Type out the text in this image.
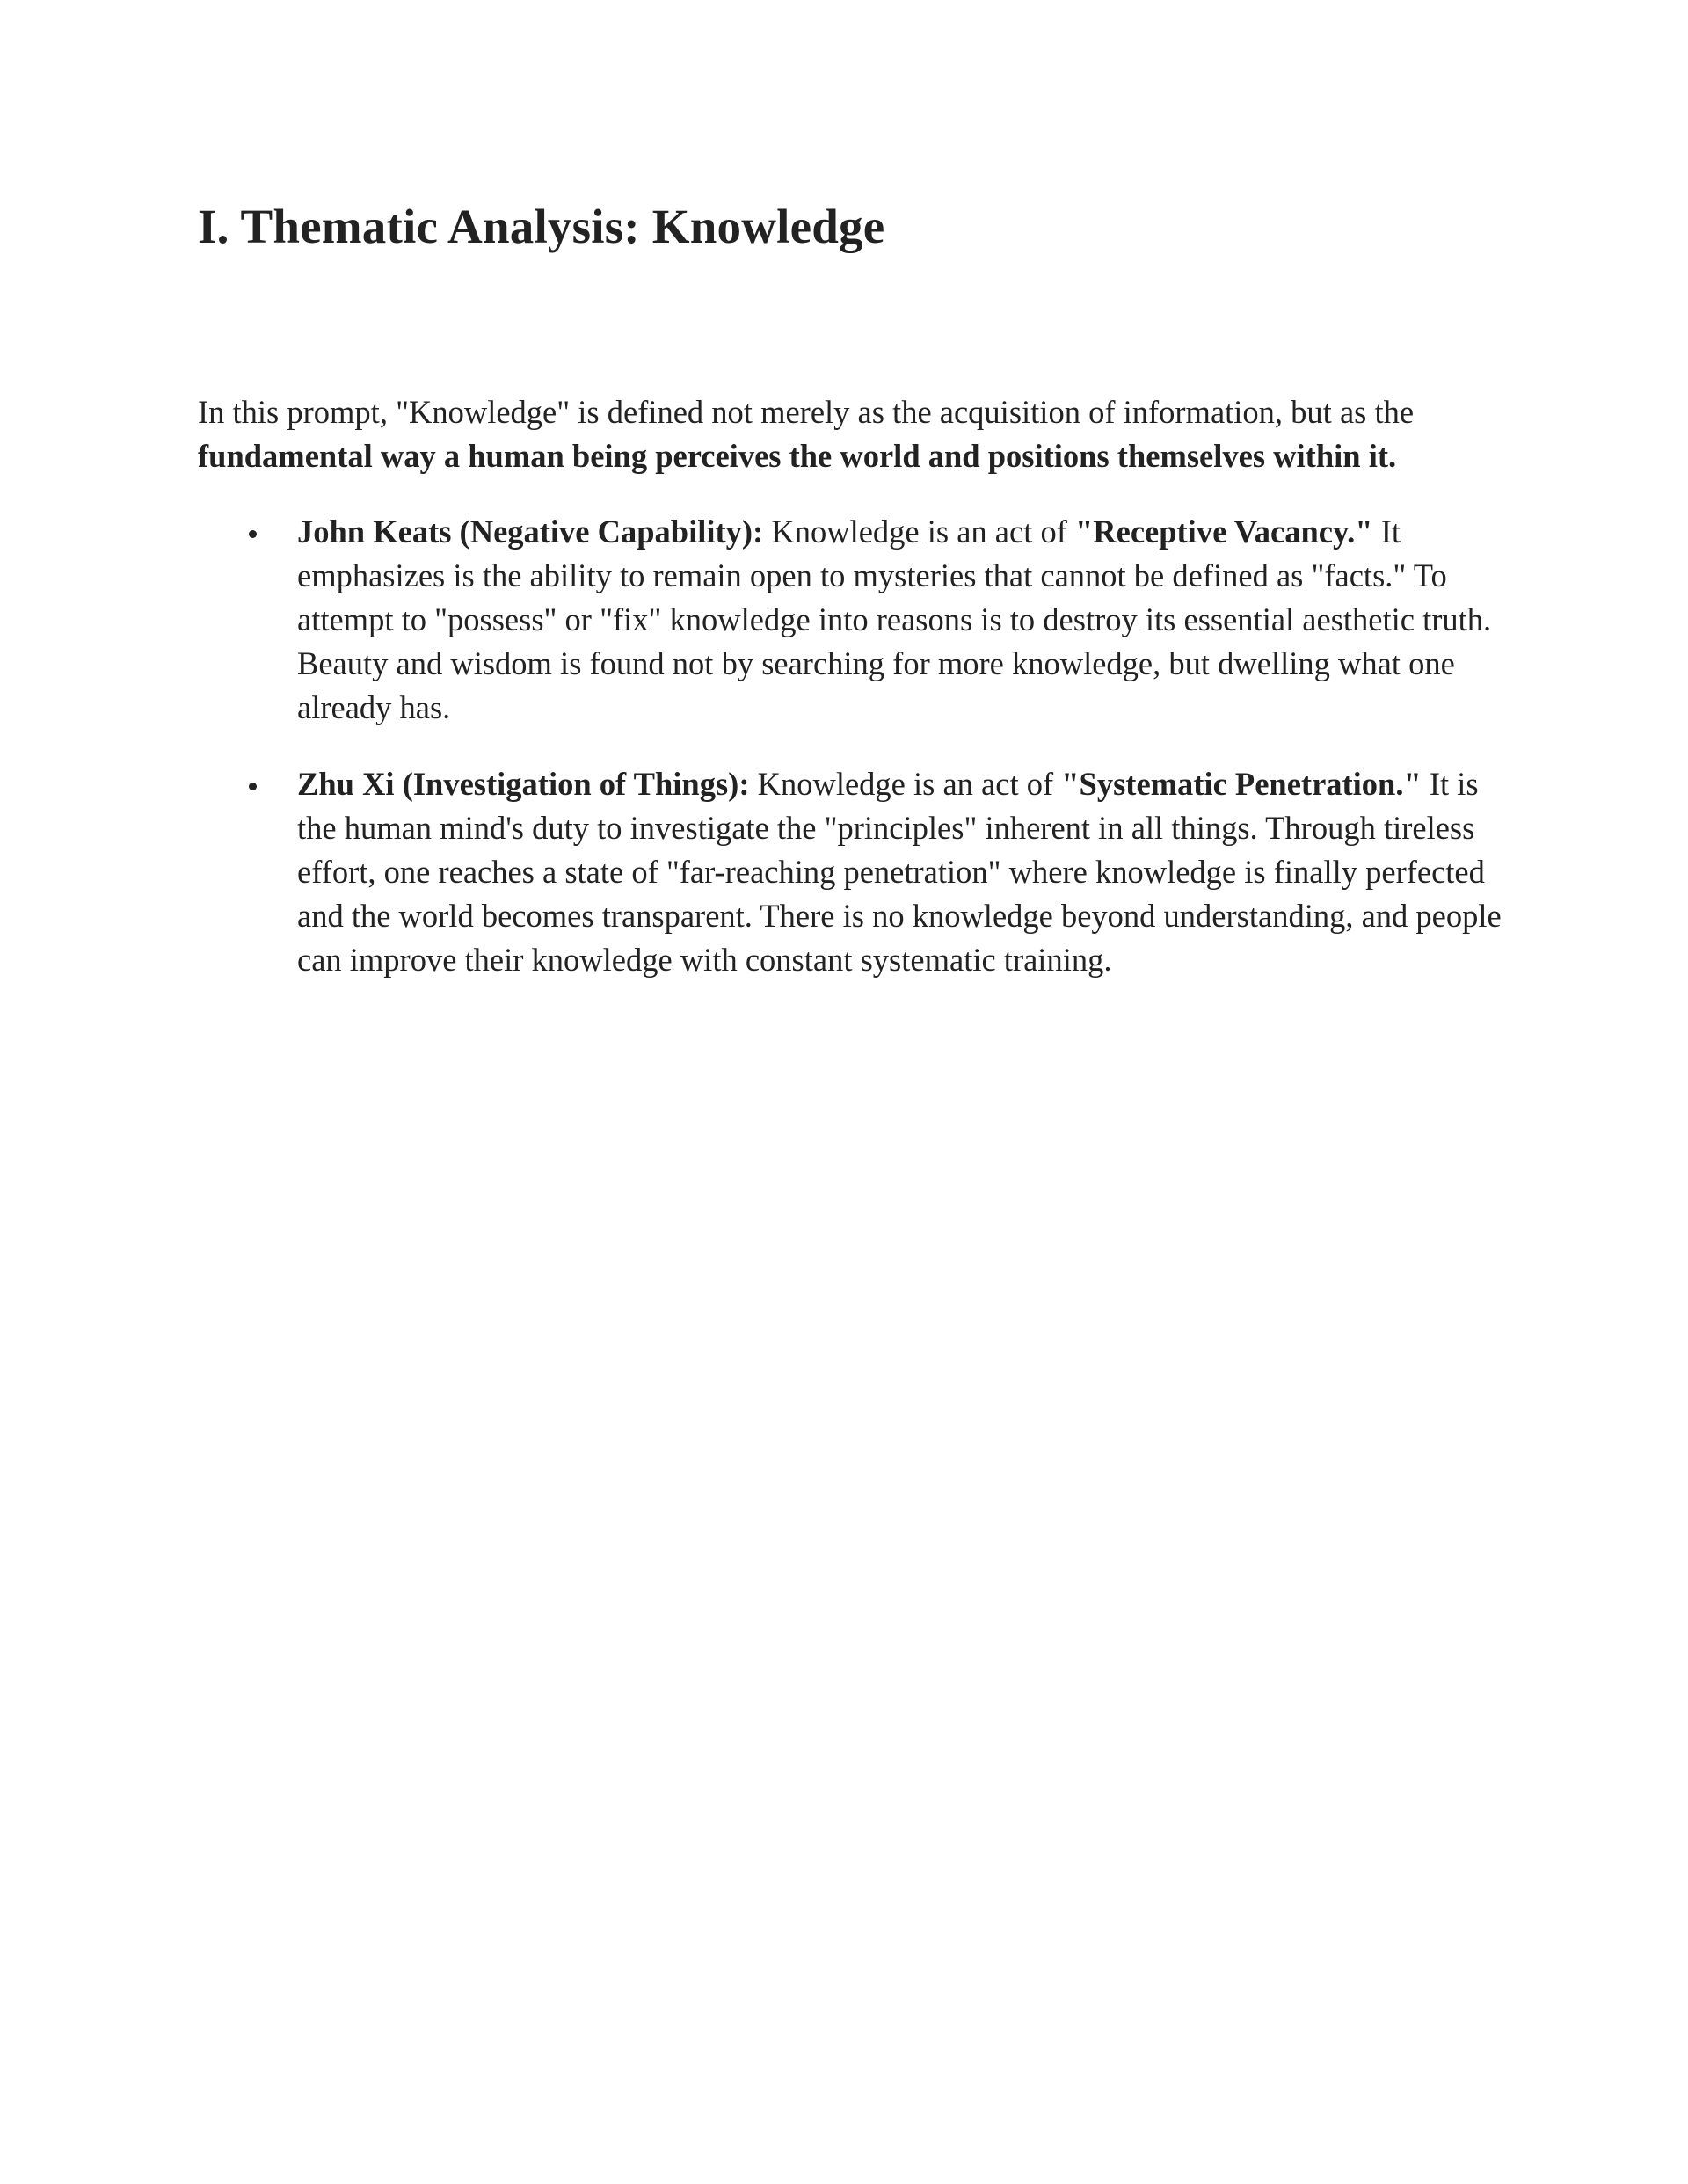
I. Thematic Analysis: Knowledge

In this prompt, "Knowledge" is defined not merely as the acquisition of information, but as the fundamental way a human being perceives the world and positions themselves within it.

John Keats (Negative Capability): Knowledge is an act of "Receptive Vacancy." It emphasizes is the ability to remain open to mysteries that cannot be defined as "facts." To attempt to "possess" or "fix" knowledge into reasons is to destroy its essential aesthetic truth. Beauty and wisdom is found not by searching for more knowledge, but dwelling what one already has.
Zhu Xi (Investigation of Things): Knowledge is an act of "Systematic Penetration." It is the human mind's duty to investigate the "principles" inherent in all things. Through tireless effort, one reaches a state of "far-reaching penetration" where knowledge is finally perfected and the world becomes transparent. There is no knowledge beyond understanding, and people can improve their knowledge with constant systematic training.
